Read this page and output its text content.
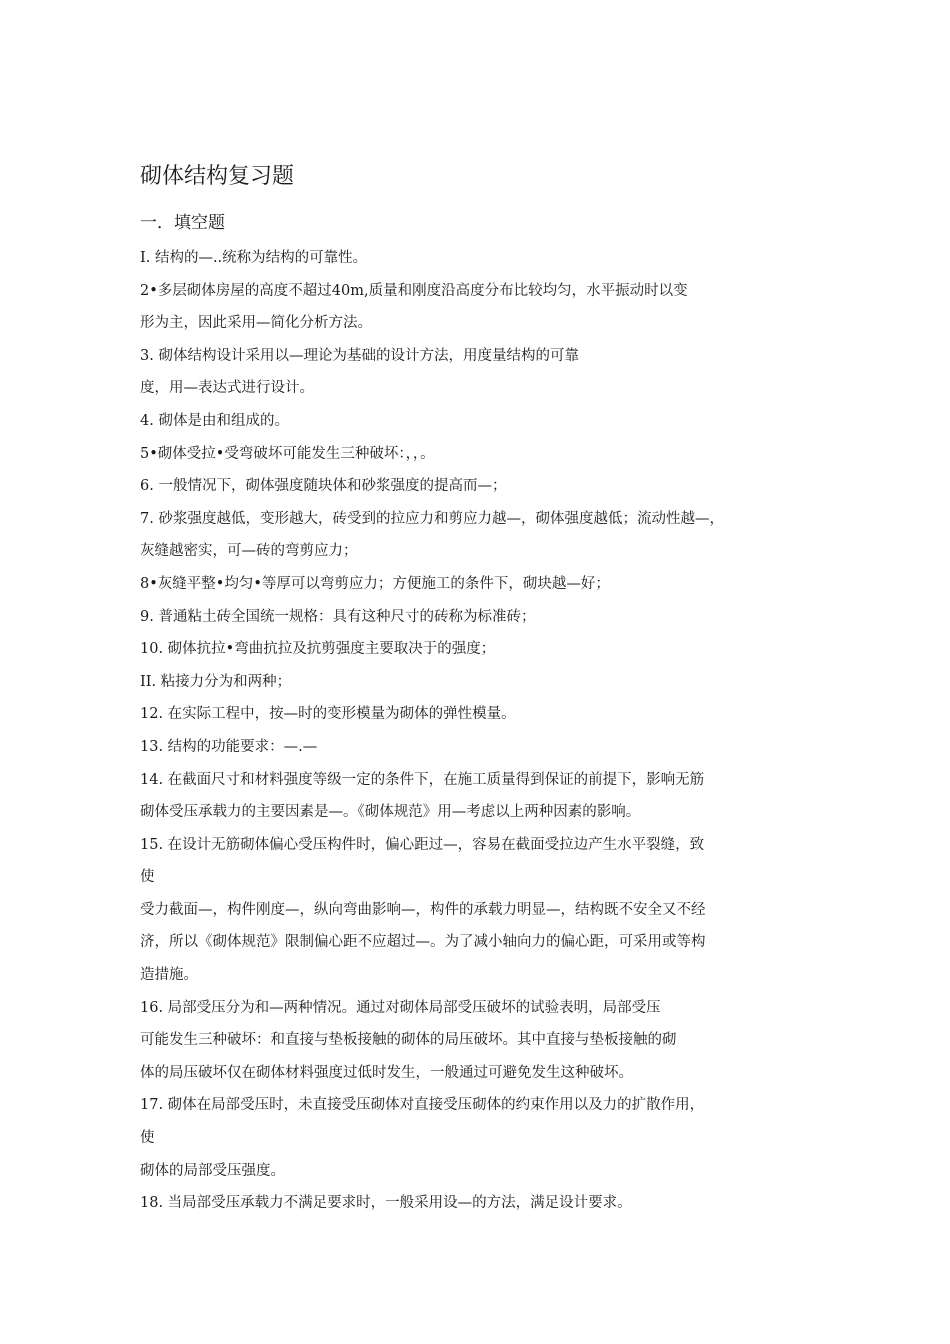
砌体结构复习题
一．填空题
I. 结构的—..统称为结构的可靠性。
2•多层砌体房屋的高度不超过40m,质量和刚度沿高度分布比较均匀，水平振动时以变
形为主，因此采用—简化分析方法。
3. 砌体结构设计采用以—理论为基础的设计方法，用度量结构的可靠
度，用—表达式进行设计。
4. 砌体是由和组成的。
5•砌体受拉•受弯破坏可能发生三种破坏：，，。
6. 一般情况下，砌体强度随块体和砂浆强度的提高而—；
7. 砂浆强度越低，变形越大，砖受到的拉应力和剪应力越—，砌体强度越低；流动性越—，
灰缝越密实，可—砖的弯剪应力；
8•灰缝平整•均匀•等厚可以弯剪应力；方便施工的条件下，砌块越—好；
9. 普通粘土砖全国统一规格：具有这种尺寸的砖称为标准砖；
10. 砌体抗拉•弯曲抗拉及抗剪强度主要取决于的强度；
II. 粘接力分为和两种；
12. 在实际工程中，按—时的变形模量为砌体的弹性模量。
13. 结构的功能要求：—.—
14. 在截面尺寸和材料强度等级一定的条件下，在施工质量得到保证的前提下，影响无筋
砌体受压承载力的主要因素是—。《砌体规范》用—考虑以上两种因素的影响。
15. 在设计无筋砌体偏心受压构件时，偏心距过—，容易在截面受拉边产生水平裂缝，致
使
受力截面—，构件刚度—，纵向弯曲影响—，构件的承载力明显—，结构既不安全又不经
济，所以《砌体规范》限制偏心距不应超过—。为了减小轴向力的偏心距，可采用或等构
造措施。
16. 局部受压分为和—两种情况。通过对砌体局部受压破坏的试验表明，局部受压
可能发生三种破坏：和直接与垫板接触的砌体的局压破坏。其中直接与垫板接触的砌
体的局压破坏仅在砌体材料强度过低时发生，一般通过可避免发生这种破坏。
17. 砌体在局部受压时，未直接受压砌体对直接受压砌体的约束作用以及力的扩散作用，
使
砌体的局部受压强度。
18. 当局部受压承载力不满足要求时，一般采用设—的方法，满足设计要求。
